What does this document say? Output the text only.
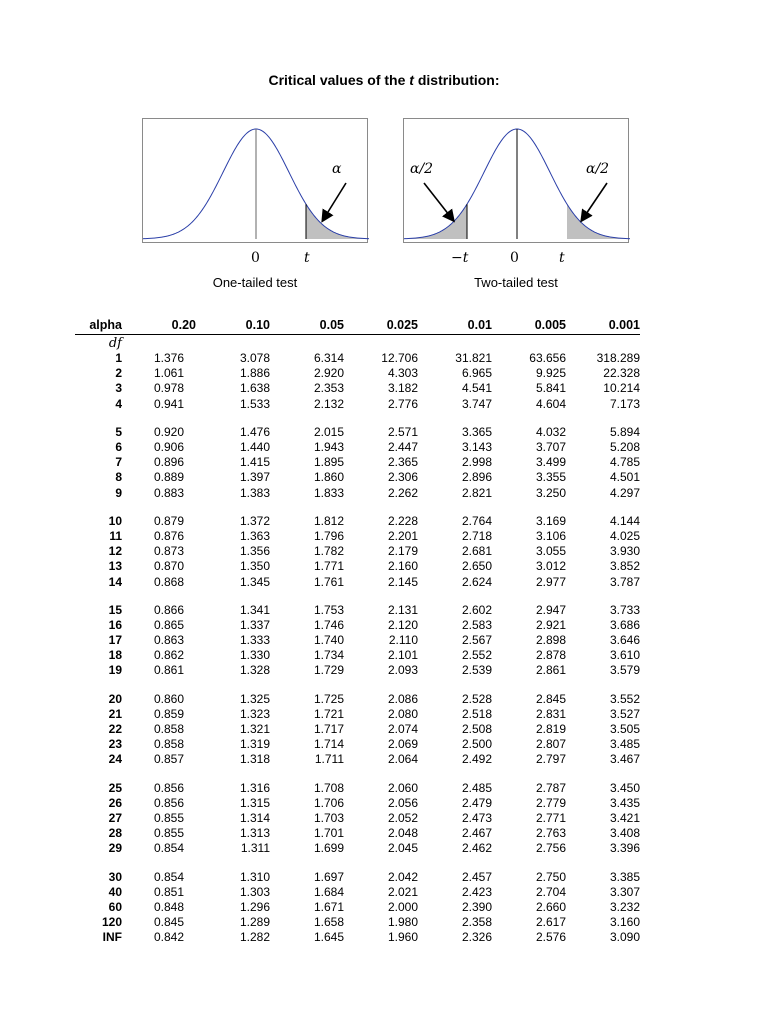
Critical values of the t distribution:
α
0	t
One-tailed test
α/2	α/2
−t	0	t
Two-tailed test
alpha	0.20	0.10	0.05	0.025	0.01	0.005	0.001
df							
1	1.376	3.078	6.314	12.706	31.821	63.656	318.289
2	1.061	1.886	2.920	4.303	6.965	9.925	22.328
3	0.978	1.638	2.353	3.182	4.541	5.841	10.214
4	0.941	1.533	2.132	2.776	3.747	4.604	7.173

5	0.920	1.476	2.015	2.571	3.365	4.032	5.894
6	0.906	1.440	1.943	2.447	3.143	3.707	5.208
7	0.896	1.415	1.895	2.365	2.998	3.499	4.785
8	0.889	1.397	1.860	2.306	2.896	3.355	4.501
9	0.883	1.383	1.833	2.262	2.821	3.250	4.297

10	0.879	1.372	1.812	2.228	2.764	3.169	4.144
11	0.876	1.363	1.796	2.201	2.718	3.106	4.025
12	0.873	1.356	1.782	2.179	2.681	3.055	3.930
13	0.870	1.350	1.771	2.160	2.650	3.012	3.852
14	0.868	1.345	1.761	2.145	2.624	2.977	3.787

15	0.866	1.341	1.753	2.131	2.602	2.947	3.733
16	0.865	1.337	1.746	2.120	2.583	2.921	3.686
17	0.863	1.333	1.740	2.110	2.567	2.898	3.646
18	0.862	1.330	1.734	2.101	2.552	2.878	3.610
19	0.861	1.328	1.729	2.093	2.539	2.861	3.579

20	0.860	1.325	1.725	2.086	2.528	2.845	3.552
21	0.859	1.323	1.721	2.080	2.518	2.831	3.527
22	0.858	1.321	1.717	2.074	2.508	2.819	3.505
23	0.858	1.319	1.714	2.069	2.500	2.807	3.485
24	0.857	1.318	1.711	2.064	2.492	2.797	3.467

25	0.856	1.316	1.708	2.060	2.485	2.787	3.450
26	0.856	1.315	1.706	2.056	2.479	2.779	3.435
27	0.855	1.314	1.703	2.052	2.473	2.771	3.421
28	0.855	1.313	1.701	2.048	2.467	2.763	3.408
29	0.854	1.311	1.699	2.045	2.462	2.756	3.396

30	0.854	1.310	1.697	2.042	2.457	2.750	3.385
40	0.851	1.303	1.684	2.021	2.423	2.704	3.307
60	0.848	1.296	1.671	2.000	2.390	2.660	3.232
120	0.845	1.289	1.658	1.980	2.358	2.617	3.160
INF	0.842	1.282	1.645	1.960	2.326	2.576	3.090
